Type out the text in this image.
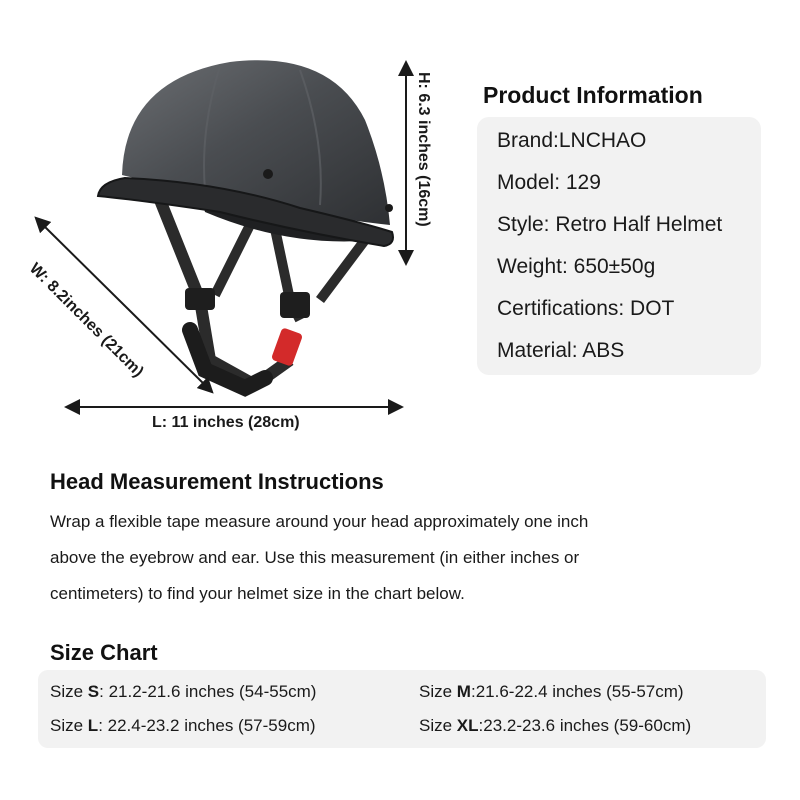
H: 6.3 inches (16cm)
W: 8.2inches (21cm)
L: 11 inches (28cm)
Product Information
Brand:LNCHAO
Model: 129
Style: Retro Half Helmet
Weight: 650±50g
Certifications: DOT
Material: ABS
Head Measurement Instructions
Wrap a flexible tape measure around your head approximately one inch
above the eyebrow and ear. Use this measurement (in either inches or
centimeters) to find your helmet size in the chart below.
Size Chart
Size S: 21.2-21.6 inches (54-55cm)	Size M:21.6-22.4 inches (55-57cm)
Size L: 22.4-23.2 inches (57-59cm)	Size XL:23.2-23.6 inches (59-60cm)
